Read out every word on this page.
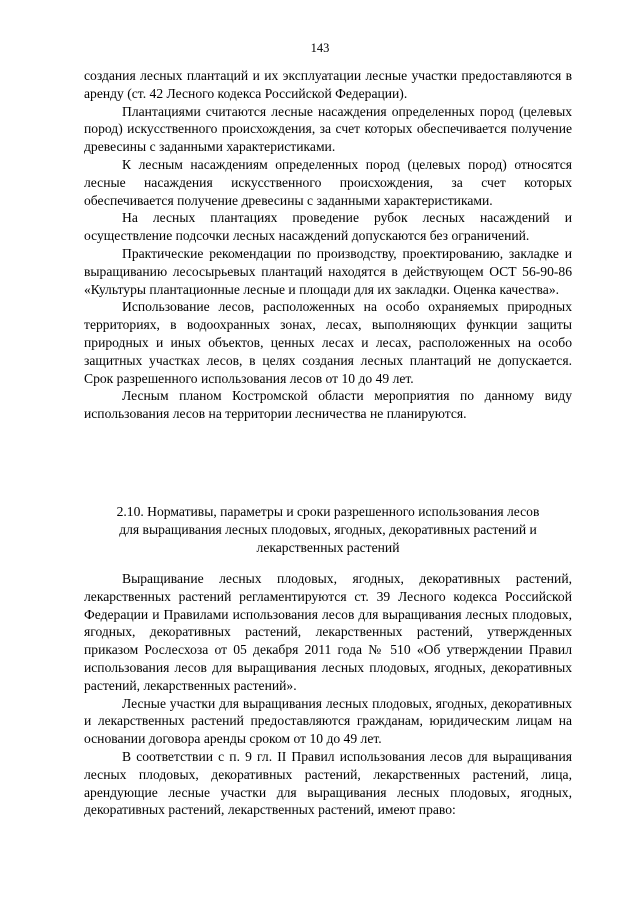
143

создания лесных плантаций и их эксплуатации лесные участки предоставляются в аренду (ст. 42 Лесного кодекса Российской Федерации).

Плантациями считаются лесные насаждения определенных пород (целевых пород) искусственного происхождения, за счет которых обеспечивается получение древесины с заданными характеристиками.

К лесным насаждениям определенных пород (целевых пород) относятся лесные насаждения искусственного происхождения, за счет которых обеспечивается получение древесины с заданными характеристиками.

На лесных плантациях проведение рубок лесных насаждений и осуществление подсочки лесных насаждений допускаются без ограничений.

Практические рекомендации по производству, проектированию, закладке и выращиванию лесосырьевых плантаций находятся в действующем ОСТ 56-90-86 «Культуры плантационные лесные и площади для их закладки. Оценка качества».

Использование лесов, расположенных на особо охраняемых природных территориях, в водоохранных зонах, лесах, выполняющих функции защиты природных и иных объектов, ценных лесах и лесах, расположенных на особо защитных участках лесов, в целях создания лесных плантаций не допускается. Срок разрешенного использования лесов от 10 до 49 лет.

Лесным планом Костромской области мероприятия по данному виду использования лесов на территории лесничества не планируются.

2.10. Нормативы, параметры и сроки разрешенного использования лесов
для выращивания лесных плодовых, ягодных, декоративных растений и
лекарственных растений

Выращивание лесных плодовых, ягодных, декоративных растений, лекарственных растений регламентируются ст. 39 Лесного кодекса Российской Федерации и Правилами использования лесов для выращивания лесных плодовых, ягодных, декоративных растений, лекарственных растений, утвержденных приказом Рослесхоза от 05 декабря 2011 года № 510 «Об утверждении Правил использования лесов для выращивания лесных плодовых, ягодных, декоративных растений, лекарственных растений».

Лесные участки для выращивания лесных плодовых, ягодных, декоративных и лекарственных растений предоставляются гражданам, юридическим лицам на основании договора аренды сроком от 10 до 49 лет.

В соответствии с п. 9 гл. II Правил использования лесов для выращивания лесных плодовых, декоративных растений, лекарственных растений, лица, арендующие лесные участки для выращивания лесных плодовых, ягодных, декоративных растений, лекарственных растений, имеют право:
